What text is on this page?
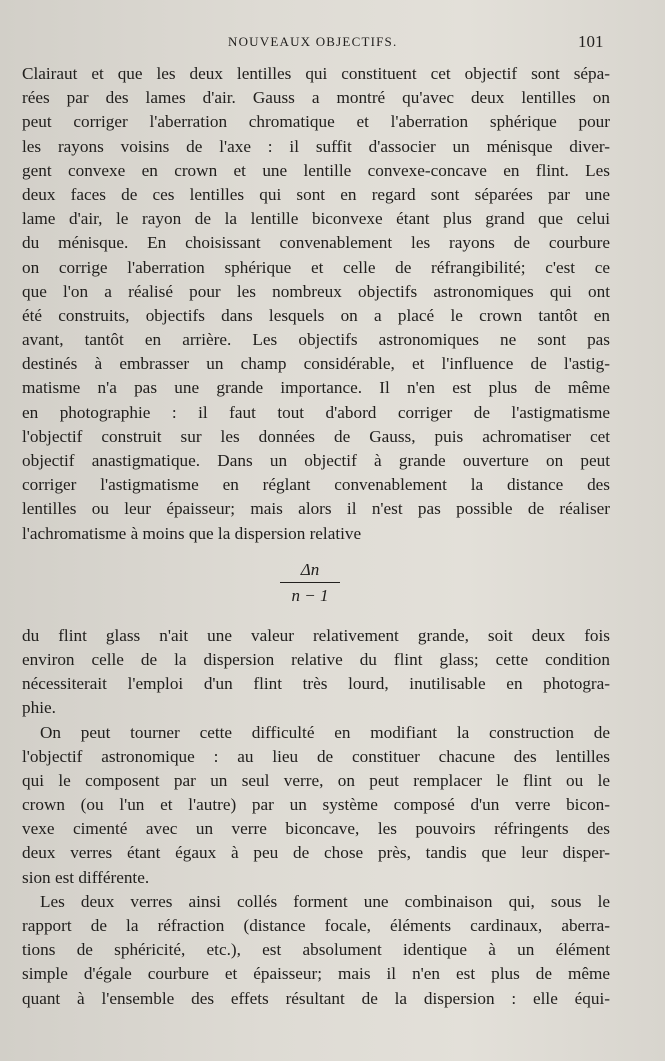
NOUVEAUX OBJECTIFS.	101
Clairaut et que les deux lentilles qui constituent cet objectif sont sépa-
rées par des lames d'air. Gauss a montré qu'avec deux lentilles on
peut corriger l'aberration chromatique et l'aberration sphérique pour
les rayons voisins de l'axe : il suffit d'associer un ménisque diver-
gent convexe en crown et une lentille convexe-concave en flint. Les
deux faces de ces lentilles qui sont en regard sont séparées par une
lame d'air, le rayon de la lentille biconvexe étant plus grand que celui
du ménisque. En choisissant convenablement les rayons de courbure
on corrige l'aberration sphérique et celle de réfrangibilité; c'est ce
que l'on a réalisé pour les nombreux objectifs astronomiques qui ont
été construits, objectifs dans lesquels on a placé le crown tantôt en
avant, tantôt en arrière. Les objectifs astronomiques ne sont pas
destinés à embrasser un champ considérable, et l'influence de l'astig-
matisme n'a pas une grande importance. Il n'en est plus de même
en photographie : il faut tout d'abord corriger de l'astigmatisme
l'objectif construit sur les données de Gauss, puis achromatiser cet
objectif anastigmatique. Dans un objectif à grande ouverture on peut
corriger l'astigmatisme en réglant convenablement la distance des
lentilles ou leur épaisseur; mais alors il n'est pas possible de réaliser
l'achromatisme à moins que la dispersion relative
Δn
n − 1
du flint glass n'ait une valeur relativement grande, soit deux fois
environ celle de la dispersion relative du flint glass; cette condition
nécessiterait l'emploi d'un flint très lourd, inutilisable en photogra-
phie.
On peut tourner cette difficulté en modifiant la construction de
l'objectif astronomique : au lieu de constituer chacune des lentilles
qui le composent par un seul verre, on peut remplacer le flint ou le
crown (ou l'un et l'autre) par un système composé d'un verre bicon-
vexe cimenté avec un verre biconcave, les pouvoirs réfringents des
deux verres étant égaux à peu de chose près, tandis que leur disper-
sion est différente.
Les deux verres ainsi collés forment une combinaison qui, sous le
rapport de la réfraction (distance focale, éléments cardinaux, aberra-
tions de sphéricité, etc.), est absolument identique à un élément
simple d'égale courbure et épaisseur; mais il n'en est plus de même
quant à l'ensemble des effets résultant de la dispersion : elle équi-
